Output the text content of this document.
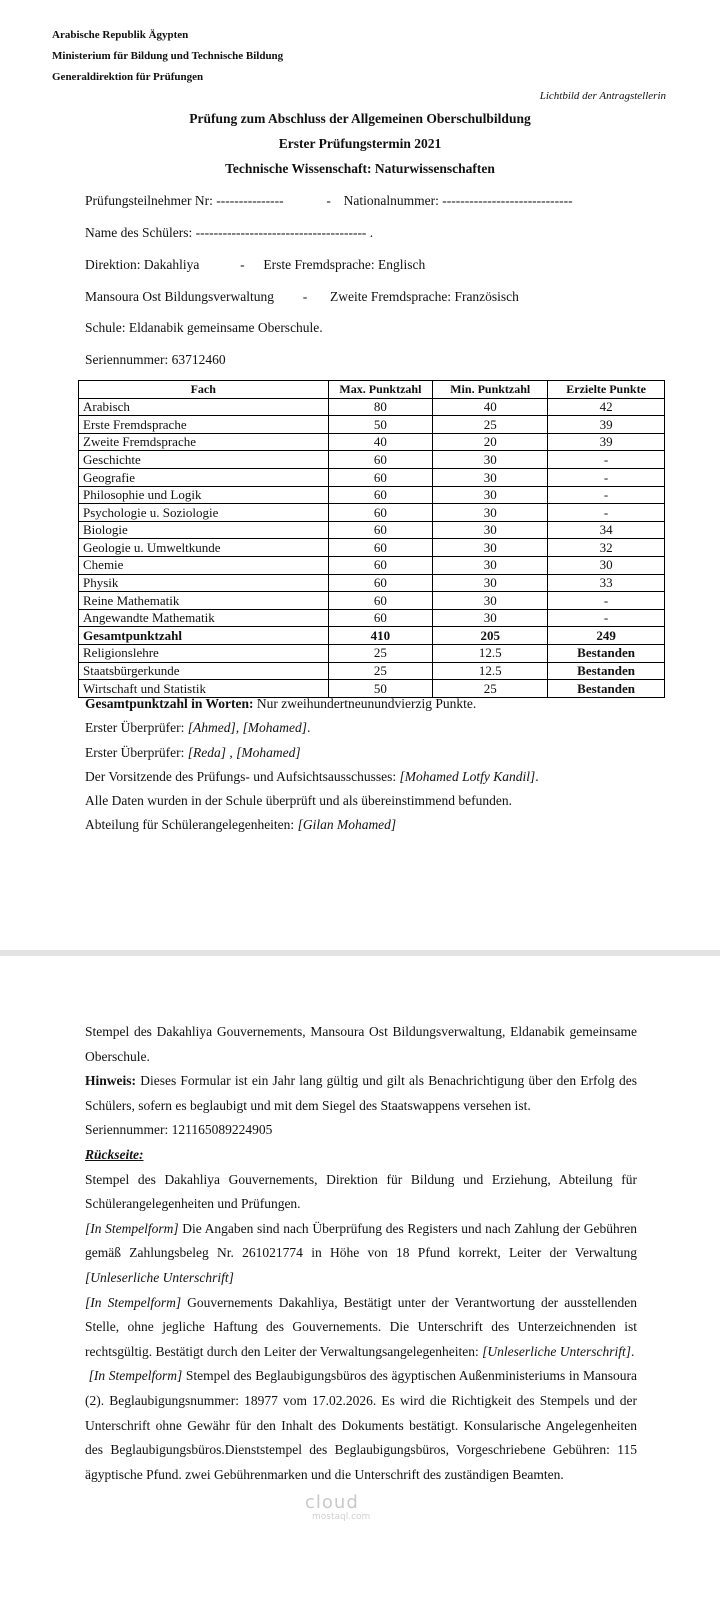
Arabische Republik Ägypten
Ministerium für Bildung und Technische Bildung
Generaldirektion für Prüfungen
Lichtbild der Antragstellerin
Prüfung zum Abschluss der Allgemeinen Oberschulbildung
Erster Prüfungstermin 2021
Technische Wissenschaft: Naturwissenschaften
Prüfungsteilnehmer Nr: ---------------	- Nationalnummer: -----------------------------
Name des Schülers: -------------------------------------- .
Direktion: Dakahliya	- Erste Fremdsprache: Englisch
Mansoura Ost Bildungsverwaltung - Zweite Fremdsprache: Französisch
Schule: Eldanabik gemeinsame Oberschule.
Seriennummer: 63712460
Fach	Max. Punktzahl	Min. Punktzahl	Erzielte Punkte
Arabisch	80	40	42
Erste Fremdsprache	50	25	39
Zweite Fremdsprache	40	20	39
Geschichte	60	30	-
Geografie	60	30	-
Philosophie und Logik	60	30	-
Psychologie u. Soziologie	60	30	-
Biologie	60	30	34
Geologie u. Umweltkunde	60	30	32
Chemie	60	30	30
Physik	60	30	33
Reine Mathematik	60	30	-
Angewandte Mathematik	60	30	-
Gesamtpunktzahl	410	205	249
Religionslehre	25	12.5	Bestanden
Staatsbürgerkunde	25	12.5	Bestanden
Wirtschaft und Statistik	50	25	Bestanden

Gesamtpunktzahl in Worten: Nur zweihundertneunundvierzig Punkte.

Erster Überprüfer: [Ahmed], [Mohamed].

Erster Überprüfer: [Reda] , [Mohamed]

Der Vorsitzende des Prüfungs- und Aufsichtsausschusses: [Mohamed Lotfy Kandil].

Alle Daten wurden in der Schule überprüft und als übereinstimmend befunden.

Abteilung für Schülerangelegenheiten: [Gilan Mohamed]

Stempel des Dakahliya Gouvernements, Mansoura Ost Bildungsverwaltung, Eldanabik gemeinsame Oberschule.

Hinweis: Dieses Formular ist ein Jahr lang gültig und gilt als Benachrichtigung über den Erfolg des Schülers, sofern es beglaubigt und mit dem Siegel des Staatswappens versehen ist.

Seriennummer: 121165089224905

Rückseite:

Stempel des Dakahliya Gouvernements, Direktion für Bildung und Erziehung, Abteilung für Schülerangelegenheiten und Prüfungen.

[In Stempelform] Die Angaben sind nach Überprüfung des Registers und nach Zahlung der Gebühren gemäß Zahlungsbeleg Nr. 261021774 in Höhe von 18 Pfund korrekt, Leiter der Verwaltung [Unleserliche Unterschrift]

[In Stempelform] Gouvernements Dakahliya, Bestätigt unter der Verantwortung der ausstellenden Stelle, ohne jegliche Haftung des Gouvernements. Die Unterschrift des Unterzeichnenden ist rechtsgültig. Bestätigt durch den Leiter der Verwaltungsangelegenheiten: [Unleserliche Unterschrift].

[In Stempelform] Stempel des Beglaubigungsbüros des ägyptischen Außenministeriums in Mansoura (2). Beglaubigungsnummer: 18977 vom 17.02.2026. Es wird die Richtigkeit des Stempels und der Unterschrift ohne Gewähr für den Inhalt des Dokuments bestätigt. Konsularische Angelegenheiten des Beglaubigungsbüros.Dienststempel des Beglaubigungsbüros, Vorgeschriebene Gebühren: 115 ägyptische Pfund. zwei Gebührenmarken und die Unterschrift des zuständigen Beamten.

cloud
mostaql.com
